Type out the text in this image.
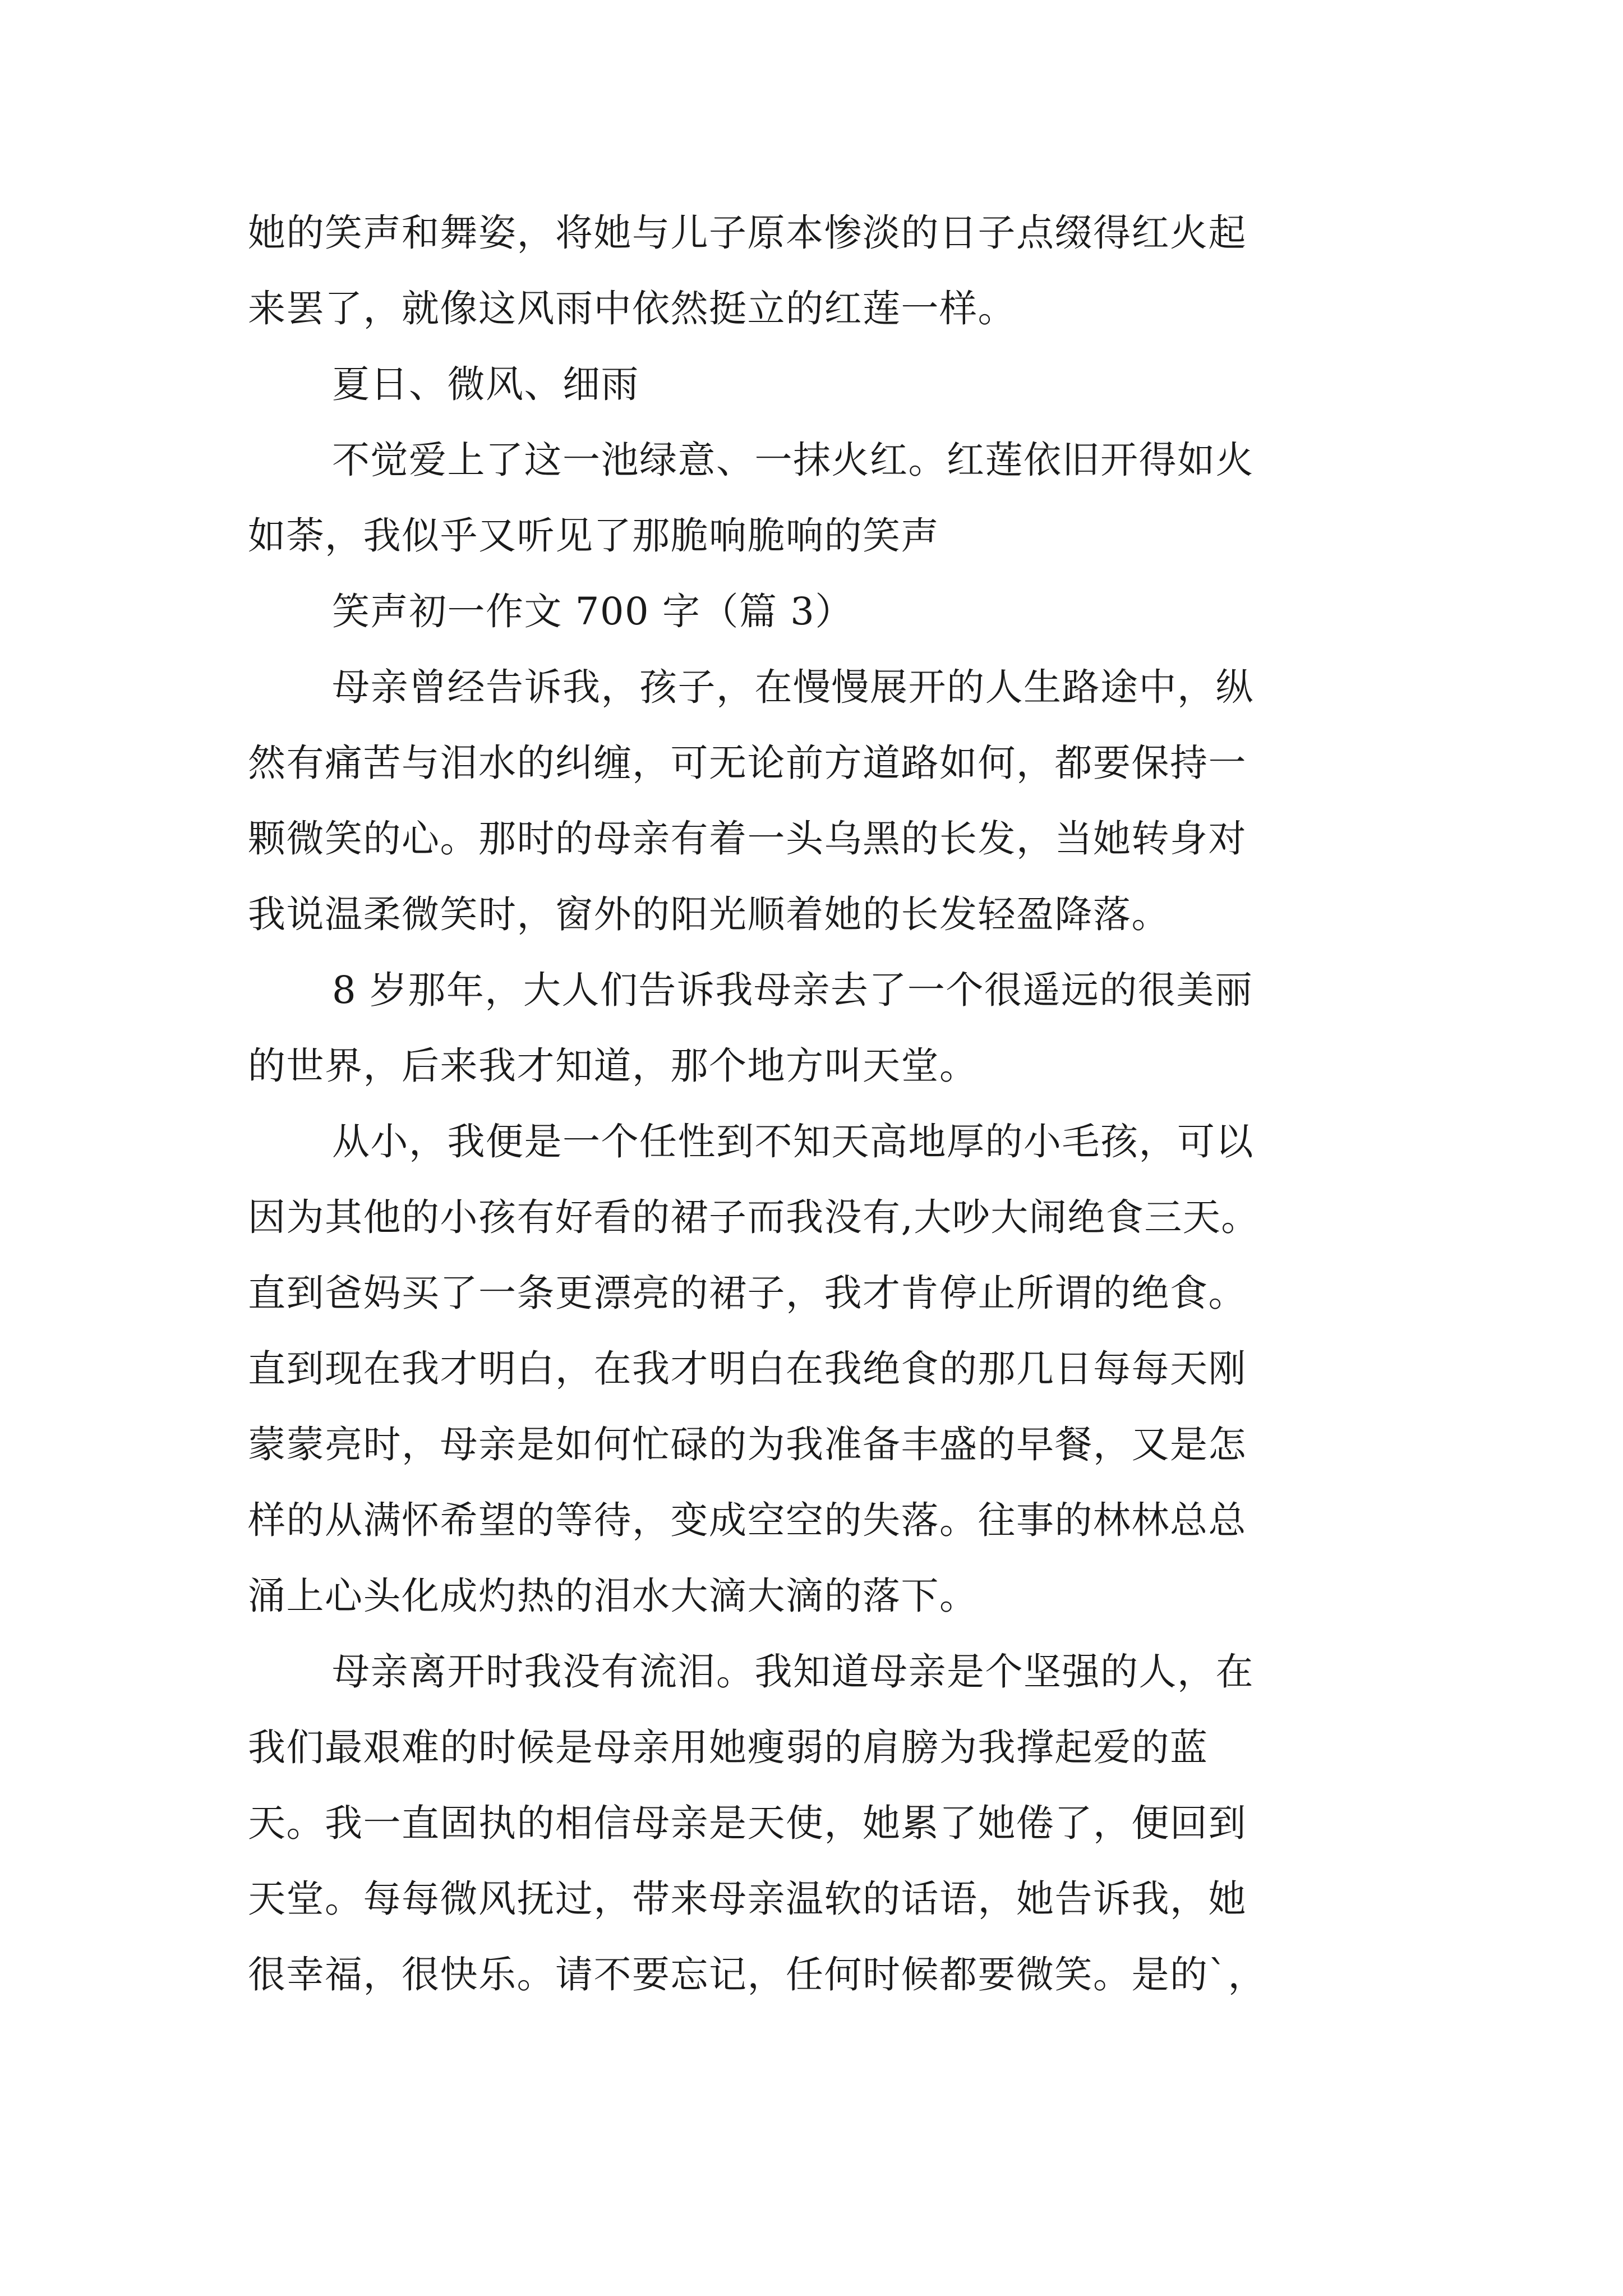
她的笑声和舞姿，将她与儿子原本惨淡的日子点缀得红火起
来罢了，就像这风雨中依然挺立的红莲一样。
夏日、微风、细雨
不觉爱上了这一池绿意、一抹火红。红莲依旧开得如火
如荼，我似乎又听见了那脆响脆响的笑声
笑声初一作文 700 字（篇 3）
母亲曾经告诉我，孩子，在慢慢展开的人生路途中，纵
然有痛苦与泪水的纠缠，可无论前方道路如何，都要保持一
颗微笑的心。那时的母亲有着一头乌黑的长发，当她转身对
我说温柔微笑时，窗外的阳光顺着她的长发轻盈降落。
8 岁那年，大人们告诉我母亲去了一个很遥远的很美丽
的世界，后来我才知道，那个地方叫天堂。
从小，我便是一个任性到不知天高地厚的小毛孩，可以
因为其他的小孩有好看的裙子而我没有,大吵大闹绝食三天。
直到爸妈买了一条更漂亮的裙子，我才肯停止所谓的绝食。
直到现在我才明白，在我才明白在我绝食的那几日每每天刚
蒙蒙亮时，母亲是如何忙碌的为我准备丰盛的早餐，又是怎
样的从满怀希望的等待，变成空空的失落。往事的林林总总
涌上心头化成灼热的泪水大滴大滴的落下。
母亲离开时我没有流泪。我知道母亲是个坚强的人，在
我们最艰难的时候是母亲用她瘦弱的肩膀为我撑起爱的蓝
天。我一直固执的相信母亲是天使，她累了她倦了，便回到
天堂。每每微风抚过，带来母亲温软的话语，她告诉我，她
很幸福，很快乐。请不要忘记，任何时候都要微笑。是的`，
